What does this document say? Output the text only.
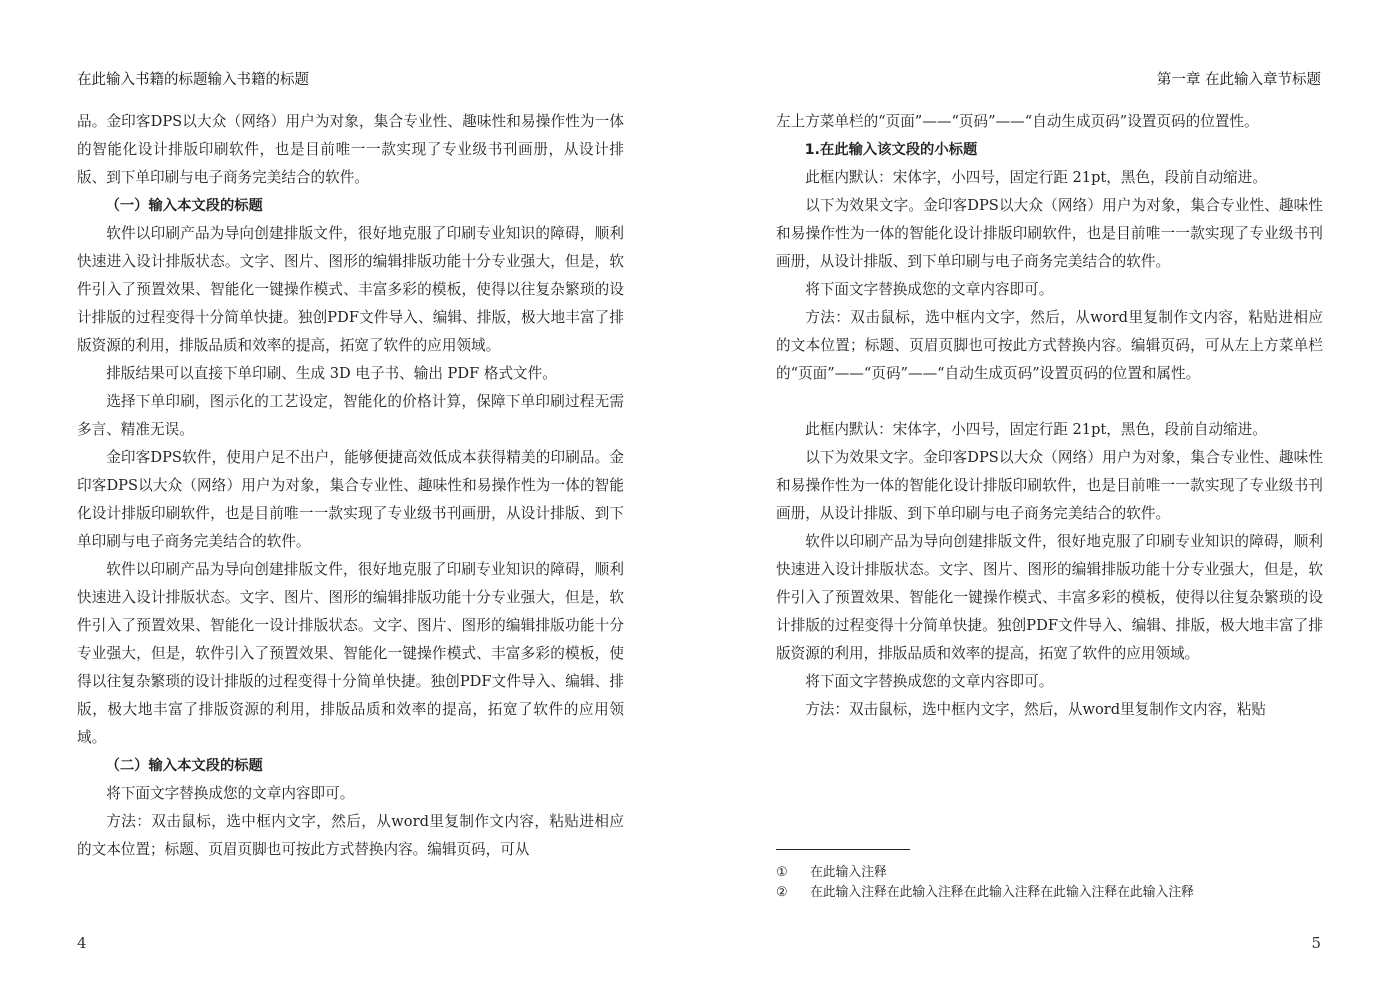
在此输入书籍的标题输入书籍的标题

品。金印客DPS以大众（网络）用户为对象，集合专业性、趣味性和易操作性为一体的智能化设计排版印刷软件，也是目前唯一一款实现了专业级书刊画册，从设计排版、到下单印刷与电子商务完美结合的软件。

（一）输入本文段的标题

软件以印刷产品为导向创建排版文件，很好地克服了印刷专业知识的障碍，顺利快速进入设计排版状态。文字、图片、图形的编辑排版功能十分专业强大，但是，软件引入了预置效果、智能化一键操作模式、丰富多彩的模板，使得以往复杂繁琐的设计排版的过程变得十分简单快捷。独创PDF文件导入、编辑、排版，极大地丰富了排版资源的利用，排版品质和效率的提高，拓宽了软件的应用领域。

排版结果可以直接下单印刷、生成 3D 电子书、输出 PDF 格式文件。

选择下单印刷，图示化的工艺设定，智能化的价格计算，保障下单印刷过程无需多言、精准无误。

金印客DPS软件，使用户足不出户，能够便捷高效低成本获得精美的印刷品。金印客DPS以大众（网络）用户为对象，集合专业性、趣味性和易操作性为一体的智能化设计排版印刷软件，也是目前唯一一款实现了专业级书刊画册，从设计排版、到下单印刷与电子商务完美结合的软件。

软件以印刷产品为导向创建排版文件，很好地克服了印刷专业知识的障碍，顺利快速进入设计排版状态。文字、图片、图形的编辑排版功能十分专业强大，但是，软件引入了预置效果、智能化一设计排版状态。文字、图片、图形的编辑排版功能十分专业强大，但是，软件引入了预置效果、智能化一键操作模式、丰富多彩的模板，使得以往复杂繁琐的设计排版的过程变得十分简单快捷。独创PDF文件导入、编辑、排版，极大地丰富了排版资源的利用，排版品质和效率的提高，拓宽了软件的应用领域。

（二）输入本文段的标题

将下面文字替换成您的文章内容即可。

方法：双击鼠标，选中框内文字，然后，从word里复制作文内容，粘贴进相应的文本位置；标题、页眉页脚也可按此方式替换内容。编辑页码，可从

4
第一章 在此输入章节标题

左上方菜单栏的“页面”——“页码”——“自动生成页码”设置页码的位置性。

1.在此输入该文段的小标题

此框内默认：宋体字，小四号，固定行距 21pt，黑色，段前自动缩进。

以下为效果文字。金印客DPS以大众（网络）用户为对象，集合专业性、趣味性和易操作性为一体的智能化设计排版印刷软件，也是目前唯一一款实现了专业级书刊画册，从设计排版、到下单印刷与电子商务完美结合的软件。

将下面文字替换成您的文章内容即可。

方法：双击鼠标，选中框内文字，然后，从word里复制作文内容，粘贴进相应的文本位置；标题、页眉页脚也可按此方式替换内容。编辑页码，可从左上方菜单栏的“页面”——“页码”——“自动生成页码”设置页码的位置和属性。

此框内默认：宋体字，小四号，固定行距 21pt，黑色，段前自动缩进。

以下为效果文字。金印客DPS以大众（网络）用户为对象，集合专业性、趣味性和易操作性为一体的智能化设计排版印刷软件，也是目前唯一一款实现了专业级书刊画册，从设计排版、到下单印刷与电子商务完美结合的软件。

软件以印刷产品为导向创建排版文件，很好地克服了印刷专业知识的障碍，顺利快速进入设计排版状态。文字、图片、图形的编辑排版功能十分专业强大，但是，软件引入了预置效果、智能化一键操作模式、丰富多彩的模板，使得以往复杂繁琐的设计排版的过程变得十分简单快捷。独创PDF文件导入、编辑、排版，极大地丰富了排版资源的利用，排版品质和效率的提高，拓宽了软件的应用领域。

将下面文字替换成您的文章内容即可。

方法：双击鼠标，选中框内文字，然后，从word里复制作文内容，粘贴

①	在此输入注释
②	在此输入注释在此输入注释在此输入注释在此输入注释在此输入注释
5
